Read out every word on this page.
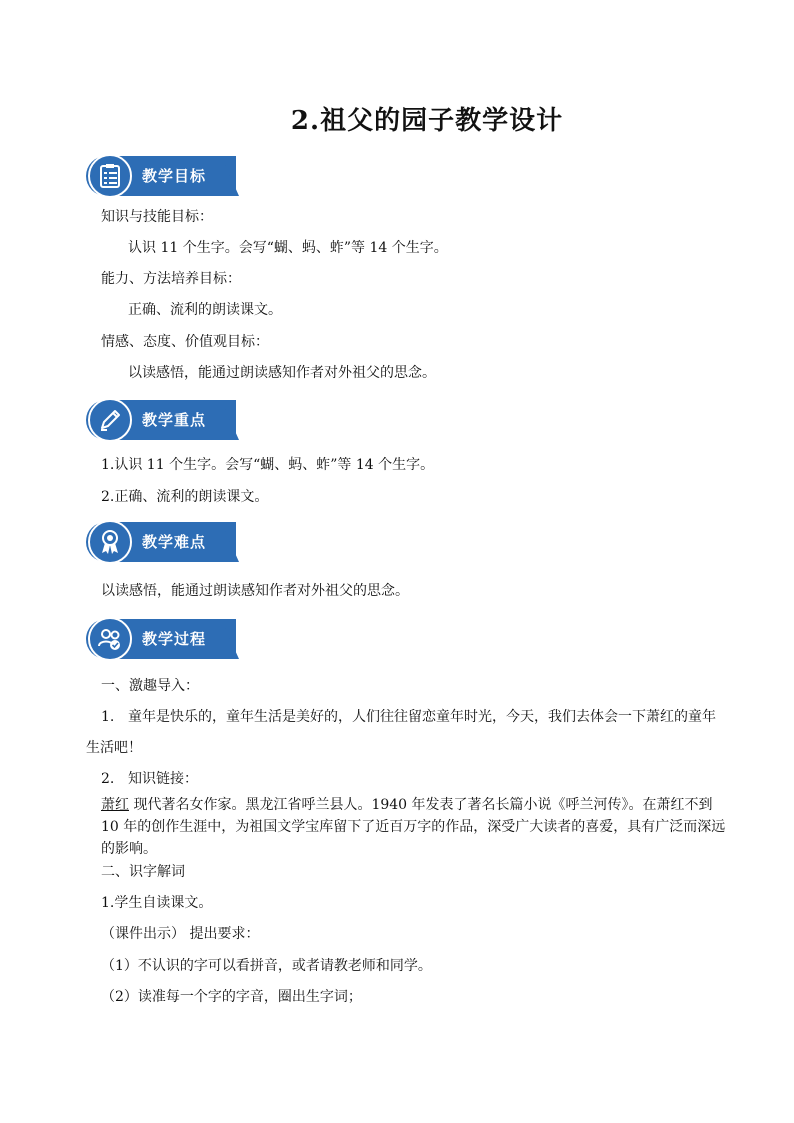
2.祖父的园子教学设计
教学目标
知识与技能目标：
认识 11 个生字。会写“蝴、蚂、蚱”等 14 个生字。
能力、方法培养目标：
正确、流利的朗读课文。
情感、态度、价值观目标：
以读感悟，能通过朗读感知作者对外祖父的思念。
教学重点
1.认识 11 个生字。会写“蝴、蚂、蚱”等 14 个生字。
2.正确、流利的朗读课文。
教学难点
以读感悟，能通过朗读感知作者对外祖父的思念。
教学过程
一、激趣导入：
1. 童年是快乐的，童年生活是美好的，人们往往留恋童年时光，今天，我们去体会一下萧红的童年
生活吧！
2. 知识链接：
萧红 现代著名女作家。黑龙江省呼兰县人。1940 年发表了著名长篇小说《呼兰河传》。在萧红不到 10 年的创作生涯中，为祖国文学宝库留下了近百万字的作品，深受广大读者的喜爱，具有广泛而深远的影响。
二、识字解词
1.学生自读课文。
（课件出示） 提出要求：
（1）不认识的字可以看拼音，或者请教老师和同学。
（2）读准每一个字的字音，圈出生字词；
